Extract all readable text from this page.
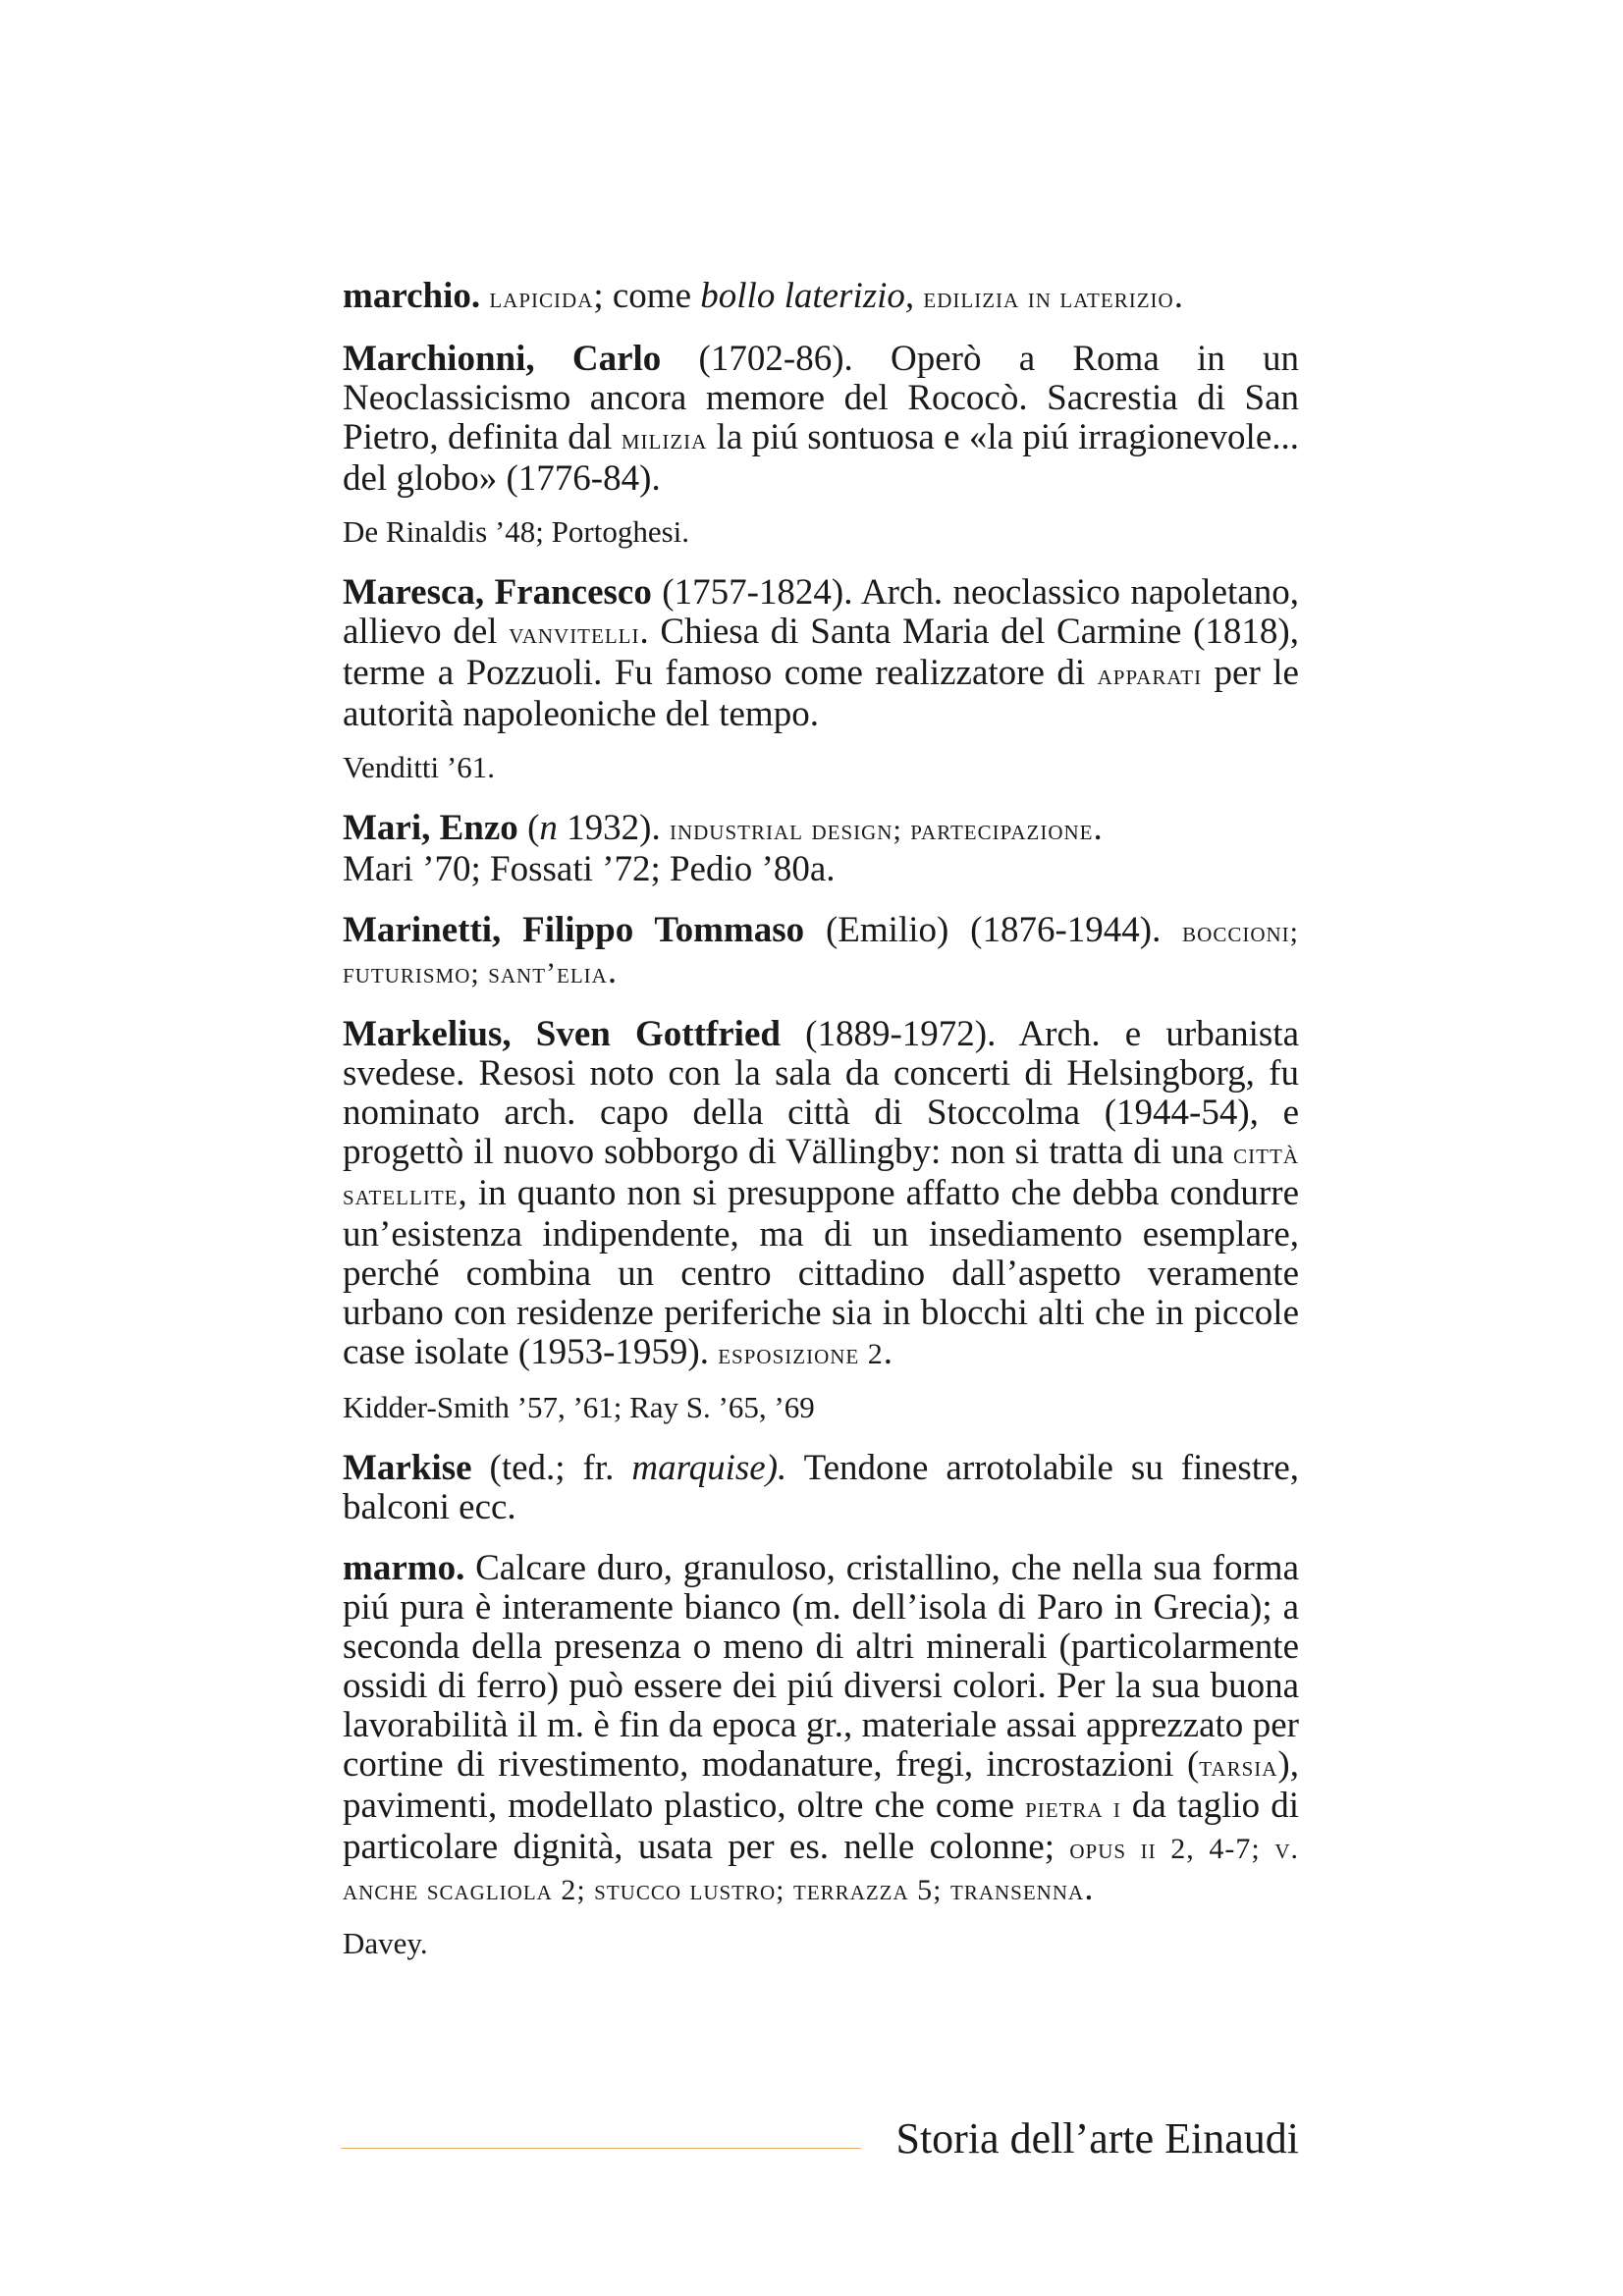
marchio. lapicida; come bollo laterizio, edilizia in laterizio.

Marchionni, Carlo (1702-86). Operò a Roma in un Neoclassicismo ancora memore del Rococò. Sacrestia di San Pietro, definita dal milizia la piú sontuosa e «la piú irragionevole... del globo» (1776-84).
De Rinaldis ’48; Portoghesi.

Maresca, Francesco (1757-1824). Arch. neoclassico napoletano, allievo del vanvitelli. Chiesa di Santa Maria del Carmine (1818), terme a Pozzuoli. Fu famoso come realizzatore di apparati per le autorità napoleoniche del tempo.
Venditti ’61.

Mari, Enzo (n 1932). industrial design; partecipazione.
Mari ’70; Fossati ’72; Pedio ’80a.

Marinetti, Filippo Tommaso (Emilio) (1876-1944). boccioni; futurismo; sant’elia.

Markelius, Sven Gottfried (1889-1972). Arch. e urbanista svedese. Resosi noto con la sala da concerti di Helsingborg, fu nominato arch. capo della città di Stoccolma (1944-54), e progettò il nuovo sobborgo di Vällingby: non si tratta di una città satellite, in quanto non si presuppone affatto che debba condurre un’esistenza indipendente, ma di un insediamento esemplare, perché combina un centro cittadino dall’aspetto veramente urbano con residenze periferiche sia in blocchi alti che in piccole case isolate (1953-1959). esposizione 2.
Kidder-Smith ’57, ’61; Ray S. ’65, ’69

Markise (ted.; fr. marquise). Tendone arrotolabile su finestre, balconi ecc.

marmo. Calcare duro, granuloso, cristallino, che nella sua forma piú pura è interamente bianco (m. dell’isola di Paro in Grecia); a seconda della presenza o meno di altri minerali (particolarmente ossidi di ferro) può essere dei piú diversi colori. Per la sua buona lavorabilità il m. è fin da epoca gr., materiale assai apprezzato per cortine di rivestimento, modanature, fregi, incrostazioni (tarsia), pavimenti, modellato plastico, oltre che come pietra i da taglio di particolare dignità, usata per es. nelle colonne; opus ii 2, 4-7; v. anche scagliola 2; stucco lustro; terrazza 5; transenna.
Davey.

Storia dell’arte Einaudi
